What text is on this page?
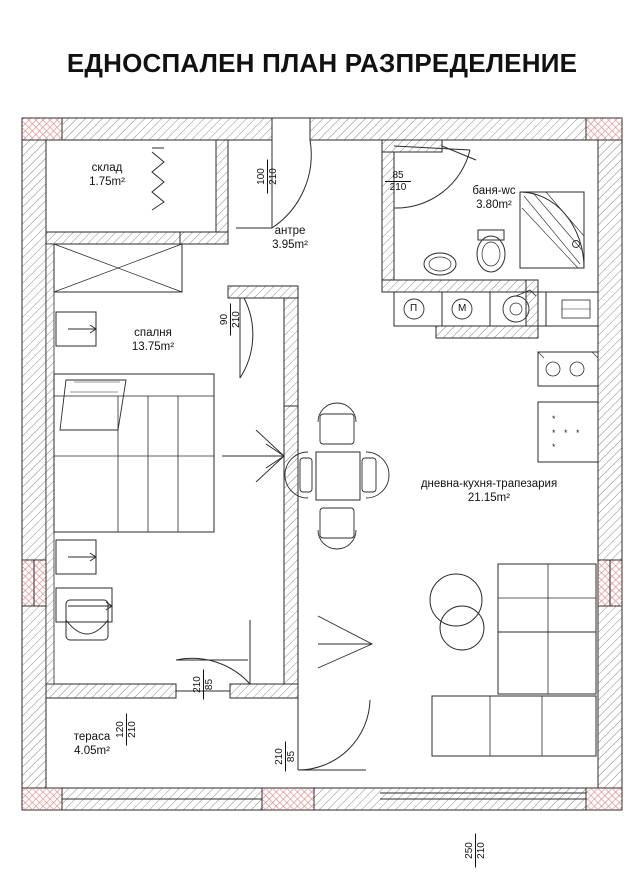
ЕДНОСПАЛЕН ПЛАН РАЗПРЕДЕЛЕНИЕ
*
*
*
* *
склад
1.75m²
антре
3.95m²
баня-wc
3.80m²
спалня
13.75m²
дневна-кухня-трапезария
21.15m²
тераса
4.05m²
П	М
100 210	$\frac{85}{210}$
90 210
210 85
120 210
210 85
250 210
